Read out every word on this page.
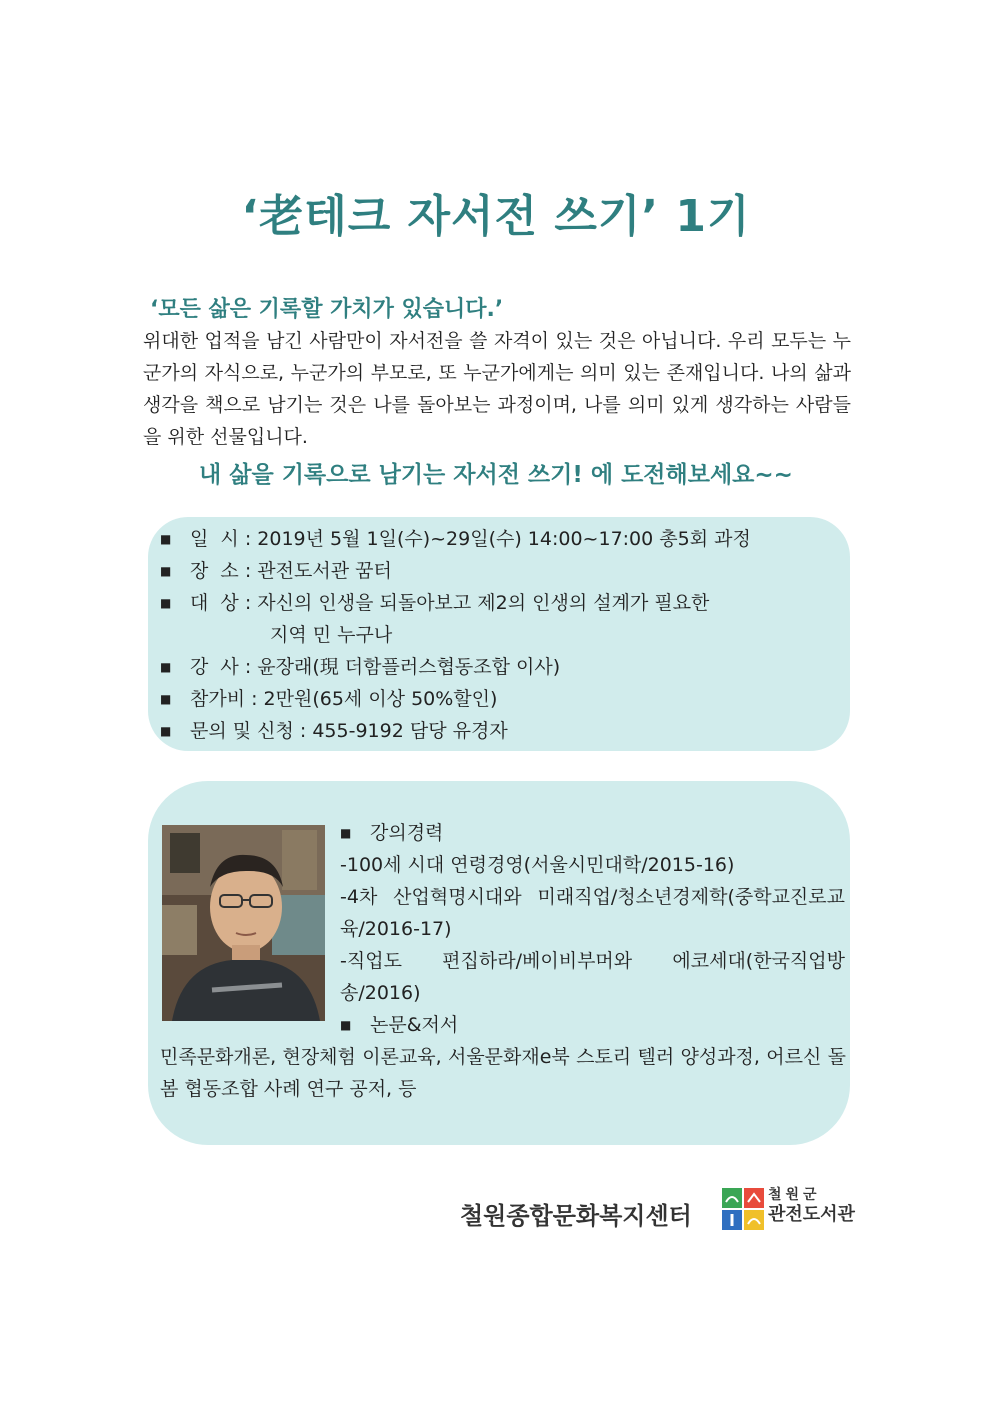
‘老테크 자서전 쓰기’ 1기
‘모든 삶은 기록할 가치가 있습니다.’
위대한 업적을 남긴 사람만이 자서전을 쓸 자격이 있는 것은 아닙니다. 우리 모두는 누군가의 자식으로, 누군가의 부모로, 또 누군가에게는 의미 있는 존재입니다. 나의 삶과 생각을 책으로 남기는 것은 나를 돌아보는 과정이며, 나를 의미 있게 생각하는 사람들을 위한 선물입니다.
내 삶을 기록으로 남기는 자서전 쓰기! 에 도전해보세요~~
■ 일  시 : 2019년 5월 1일(수)~29일(수) 14:00~17:00 총5회 과정
■ 장  소 : 관전도서관 꿈터
■ 대  상 : 자신의 인생을 되돌아보고 제2의 인생의 설계가 필요한
지역 민 누구나
■ 강  사 : 윤장래(現 더함플러스협동조합 이사)
■ 참가비 : 2만원(65세 이상 50%할인)
■ 문의 및 신청 : 455-9192 담당 유경자
■ 강의경력
-100세 시대 연령경영(서울시민대학/2015-16)
-4차 산업혁명시대와 미래직업/청소년경제학(중학교진로교육/2016-17)
-직업도 편집하라/베이비부머와 에코세대(한국직업방송/2016)
■ 논문&저서
민족문화개론, 현장체험 이론교육, 서울문화재e북 스토리 텔러 양성과정, 어르신 돌봄 협동조합 사례 연구 공저, 등
철원종합문화복지센터
철원군
관전도서관
